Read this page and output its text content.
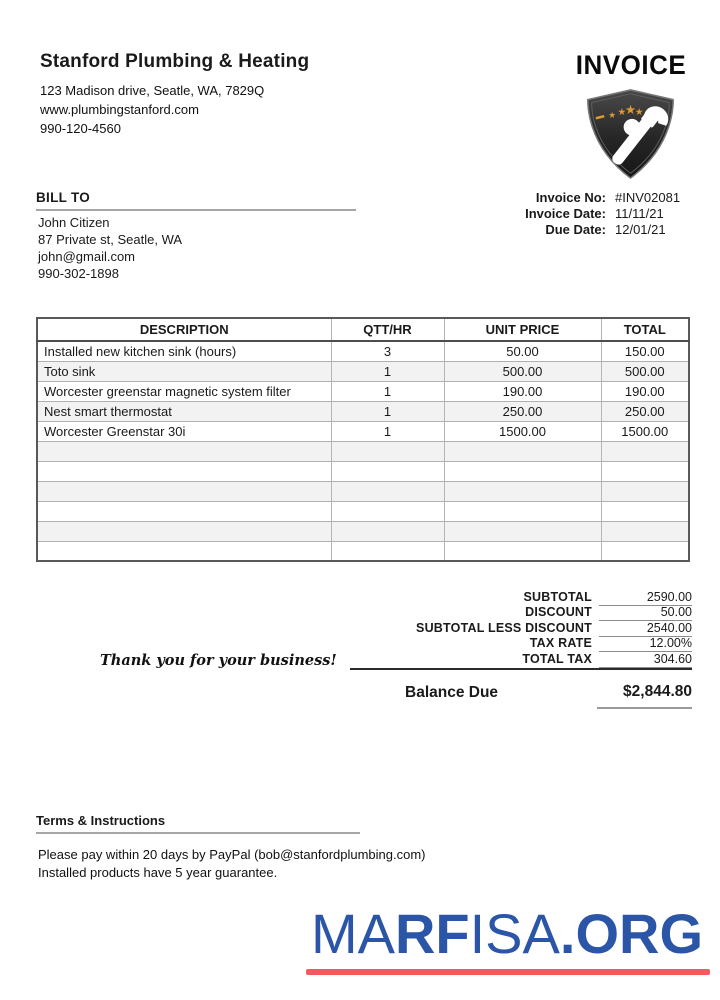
Stanford Plumbing & Heating
123 Madison drive, Seatle, WA, 7829Q
www.plumbingstanford.com
990-120-4560
INVOICE
★ ★
★
★
BILL TO
John Citizen
87 Private st, Seatle, WA
john@gmail.com
990-302-1898
Invoice No: #INV02081
Invoice Date: 11/11/21
Due Date: 12/01/21
DESCRIPTION	QTT/HR	UNIT PRICE	TOTAL
Installed new kitchen sink (hours)	3	50.00	150.00
Toto sink	1	500.00	500.00
Worcester greenstar magnetic system filter	1	190.00	190.00
Nest smart thermostat	1	250.00	250.00
Worcester Greenstar 30i	1	1500.00	1500.00

SUBTOTAL	2590.00
DISCOUNT	50.00
SUBTOTAL LESS DISCOUNT	2540.00
TAX RATE	12.00%
TOTAL TAX	304.60
Thank you for your business!
Balance Due	$2,844.80
Terms & Instructions
Please pay within 20 days by PayPal (bob@stanfordplumbing.com)
Installed products have 5 year guarantee.
MARFISA.ORG
